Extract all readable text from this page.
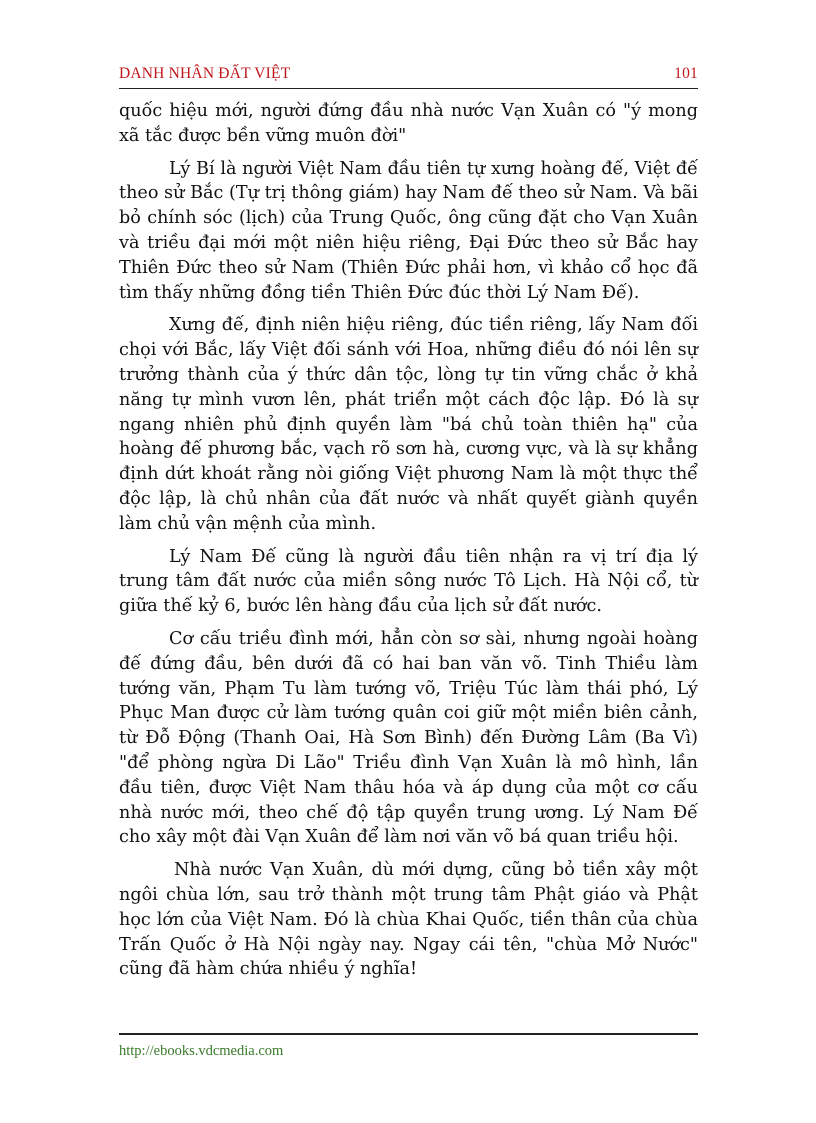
DANH NHÂN ĐẤT VIỆT	101

quốc hiệu mới, người đứng đầu nhà nước Vạn Xuân có "ý mong xã tắc được bền vững muôn đời"

Lý Bí là người Việt Nam đầu tiên tự xưng hoàng đế, Việt đế theo sử Bắc (Tự trị thông giám) hay Nam đế theo sử Nam. Và bãi bỏ chính sóc (lịch) của Trung Quốc, ông cũng đặt cho Vạn Xuân và triều đại mới một niên hiệu riêng, Đại Đức theo sử Bắc hay Thiên Đức theo sử Nam (Thiên Đức phải hơn, vì khảo cổ học đã tìm thấy những đồng tiền Thiên Đức đúc thời Lý Nam Đế).

Xưng đế, định niên hiệu riêng, đúc tiền riêng, lấy Nam đối chọi với Bắc, lấy Việt đối sánh với Hoa, những điều đó nói lên sự trưởng thành của ý thức dân tộc, lòng tự tin vững chắc ở khả năng tự mình vươn lên, phát triển một cách độc lập. Đó là sự ngang nhiên phủ định quyền làm "bá chủ toàn thiên hạ" của hoàng đế phương bắc, vạch rõ sơn hà, cương vực, và là sự khẳng định dứt khoát rằng nòi giống Việt phương Nam là một thực thể độc lập, là chủ nhân của đất nước và nhất quyết giành quyền làm chủ vận mệnh của mình.

Lý Nam Đế cũng là người đầu tiên nhận ra vị trí địa lý trung tâm đất nước của miền sông nước Tô Lịch. Hà Nội cổ, từ giữa thế kỷ 6, bước lên hàng đầu của lịch sử đất nước.

Cơ cấu triều đình mới, hẳn còn sơ sài, nhưng ngoài hoàng đế đứng đầu, bên dưới đã có hai ban văn võ. Tinh Thiều làm tướng văn, Phạm Tu làm tướng võ, Triệu Túc làm thái phó, Lý Phục Man được cử làm tướng quân coi giữ một miền biên cảnh, từ Đỗ Động (Thanh Oai, Hà Sơn Bình) đến Đường Lâm (Ba Vì) "để phòng ngừa Di Lão" Triều đình Vạn Xuân là mô hình, lần đầu tiên, được Việt Nam thâu hóa và áp dụng của một cơ cấu nhà nước mới, theo chế độ tập quyền trung ương. Lý Nam Đế cho xây một đài Vạn Xuân để làm nơi văn võ bá quan triều hội.

Nhà nước Vạn Xuân, dù mới dựng, cũng bỏ tiền xây một ngôi chùa lớn, sau trở thành một trung tâm Phật giáo và Phật học lớn của Việt Nam. Đó là chùa Khai Quốc, tiền thân của chùa Trấn Quốc ở Hà Nội ngày nay. Ngay cái tên, "chùa Mở Nước" cũng đã hàm chứa nhiều ý nghĩa!

http://ebooks.vdcmedia.com
